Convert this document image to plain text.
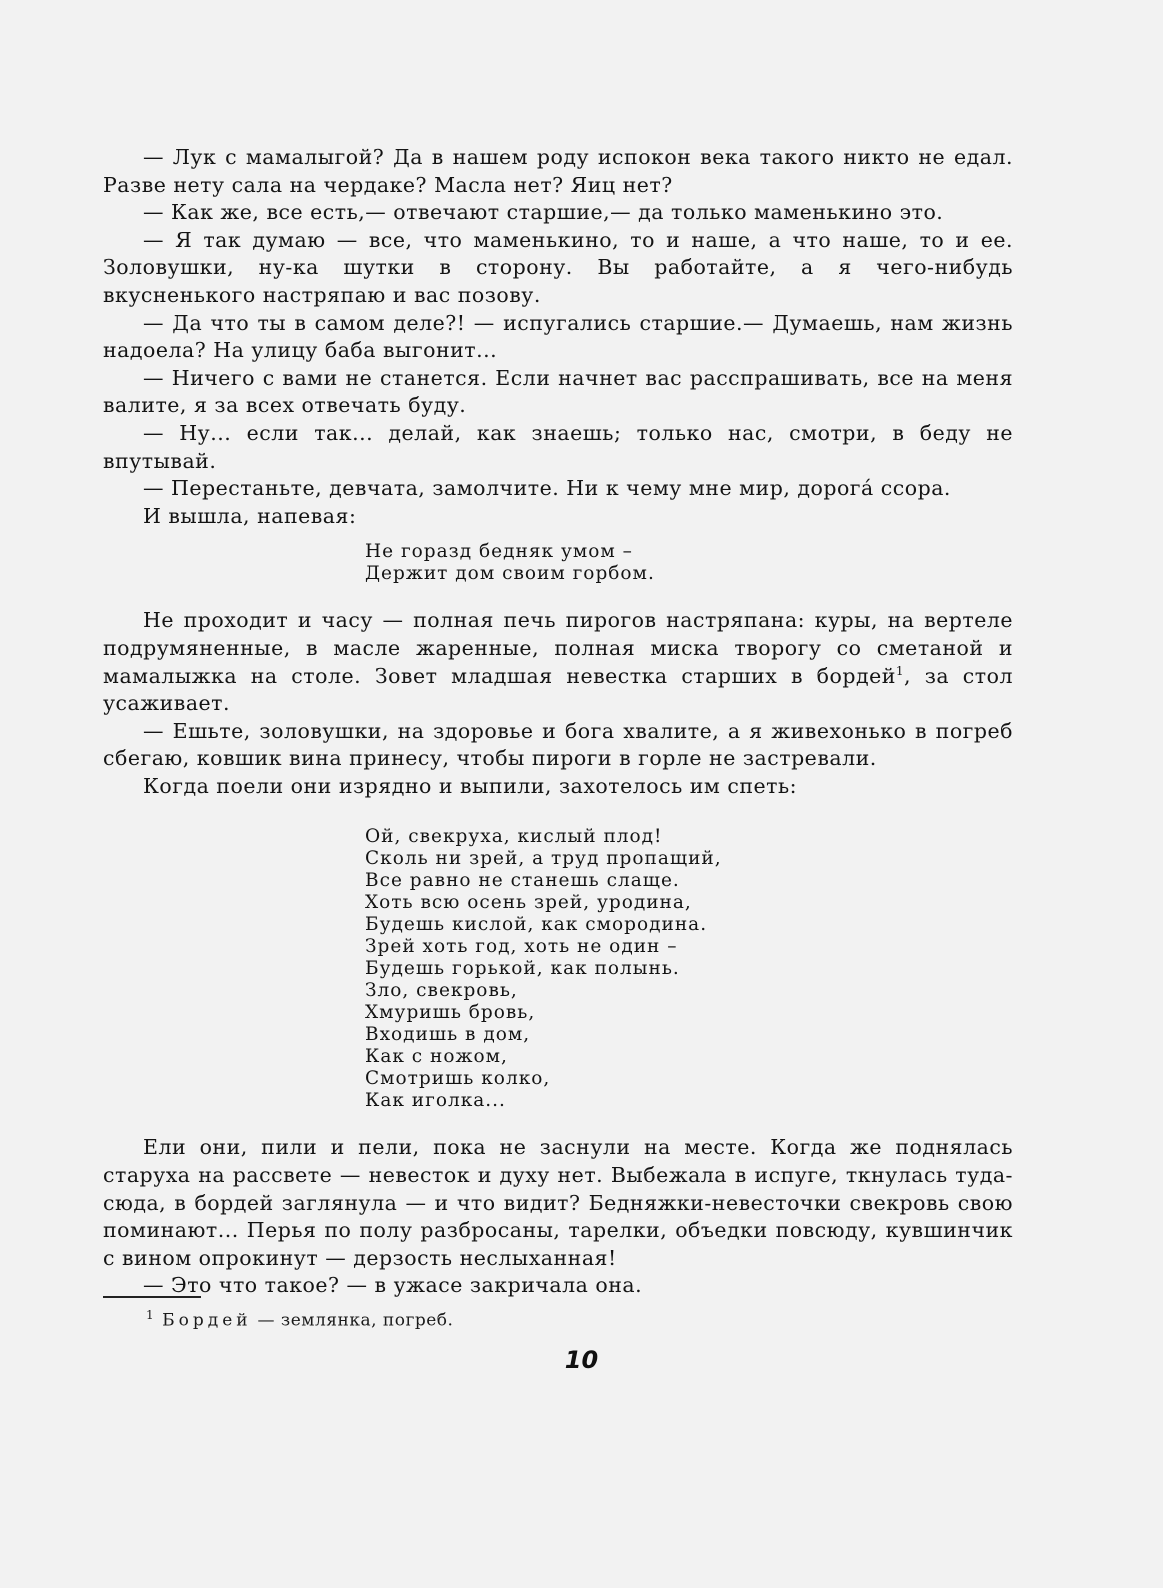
— Лук с мамалыгой? Да в нашем роду испокон века такого никто не едал. Разве нету сала на чердаке? Масла нет? Яиц нет?

— Как же, все есть,— отвечают старшие,— да только маменькино это.

— Я так думаю — все, что маменькино, то и наше, а что наше, то и ее. Золовушки, ну-ка шутки в сторону. Вы работайте, а я чего-нибудь вкусненького настряпаю и вас позову.

— Да что ты в самом деле?! — испугались старшие.— Думаешь, нам жизнь надоела? На улицу баба выгонит...

— Ничего с вами не станется. Если начнет вас расспрашивать, все на меня валите, я за всех отвечать буду.

— Ну... если так... делай, как знаешь; только нас, смотри, в беду не впутывай.

— Перестаньте, девчата, замолчите. Ни к чему мне мир, дорога́ ссора.

И вышла, напевая:

Не горазд бедняк умом –
Держит дом своим горбом.

Не проходит и часу — полная печь пирогов настряпана: куры, на вертеле подрумяненные, в масле жаренные, полная миска творогу со сметаной и мамалыжка на столе. Зовет младшая невестка старших в бордей$^1$, за стол усаживает.

— Ешьте, золовушки, на здоровье и бога хвалите, а я живехонько в погреб сбегаю, ковшик вина принесу, чтобы пироги в горле не застревали.

Когда поели они изрядно и выпили, захотелось им спеть:

Ой, свекруха, кислый плод!
Сколь ни зрей, а труд пропащий,
Все равно не станешь слаще.
Хоть всю осень зрей, уродина,
Будешь кислой, как смородина.
Зрей хоть год, хоть не один –
Будешь горькой, как полынь.
Зло, свекровь,
Хмуришь бровь,
Входишь в дом,
Как с ножом,
Смотришь колко,
Как иголка...

Ели они, пили и пели, пока не заснули на месте. Когда же поднялась старуха на рассвете — невесток и духу нет. Выбежала в испуге, ткнулась туда-сюда, в бордей заглянула — и что видит? Бедняжки-невесточки свекровь свою поминают... Перья по полу разбросаны, тарелки, объедки повсюду, кувшинчик с вином опрокинут — дерзость неслыханная!

— Это что такое? — в ужасе закричала она.

$^1$ Бордей — землянка, погреб.
10
